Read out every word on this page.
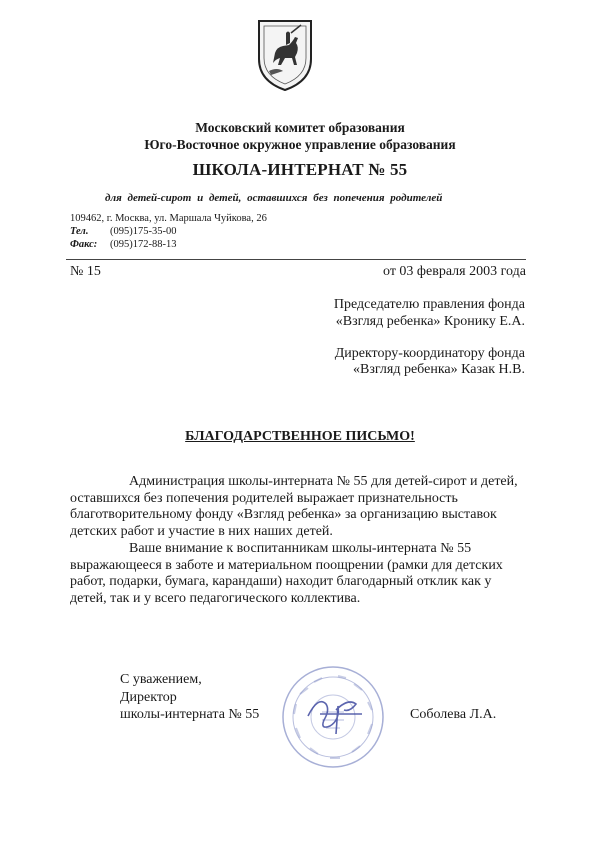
Московский комитет образования
Юго-Восточное окружное управление образования
ШКОЛА-ИНТЕРНАТ № 55
для детей-сирот и детей, оставшихся без попечения родителей
109462, г. Москва, ул. Маршала Чуйкова, 26
Тел. (095)175-35-00
Факс: (095)172-88-13
№ 15	от 03 февраля 2003 года
Председателю правления фонда
«Взгляд ребенка» Кронику Е.А.
Директору-координатору фонда
«Взгляд ребенка» Казак Н.В.
БЛАГОДАРСТВЕННОЕ ПИСЬМО!
Администрация школы-интерната № 55 для детей-сирот и детей, оставшихся без попечения родителей выражает признательность благотворительному фонду «Взгляд ребенка» за организацию выставок детских работ и участие в них наших детей.
Ваше внимание к воспитанникам школы-интерната № 55 выражающееся в заботе и материальном поощрении (рамки для детских работ, подарки, бумага, карандаши) находит благодарный отклик как у детей, так и у всего педагогического коллектива.
С уважением,
Директор
школы-интерната № 55	Соболева Л.А.
